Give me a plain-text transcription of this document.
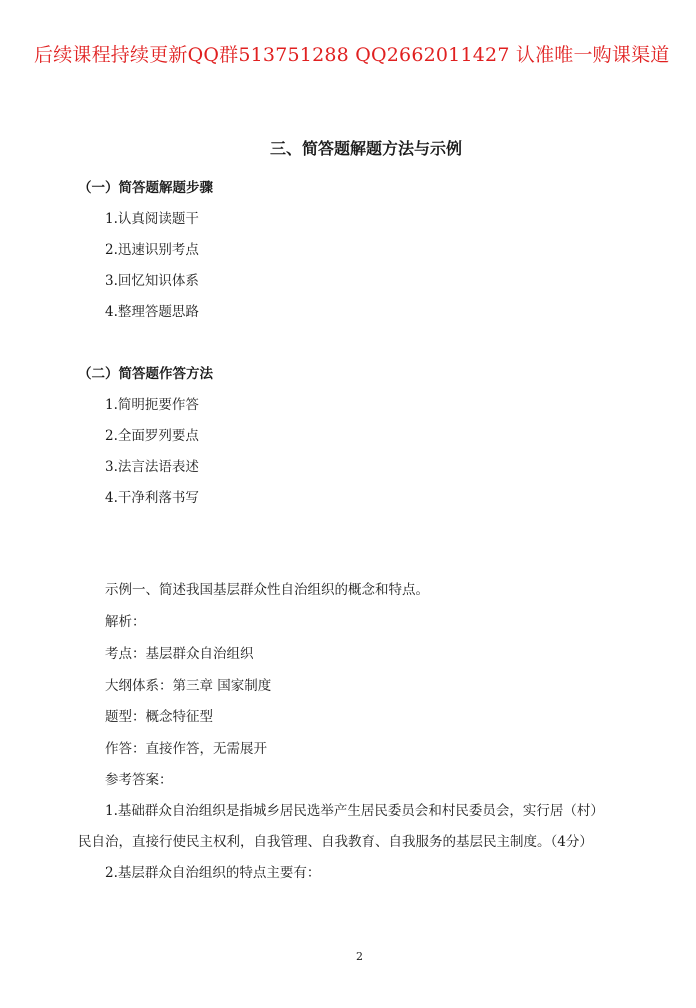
后续课程持续更新QQ群513751288 QQ2662011427 认准唯一购课渠道
三、简答题解题方法与示例
（一）简答题解题步骤
1.认真阅读题干
2.迅速识别考点
3.回忆知识体系
4.整理答题思路
（二）简答题作答方法
1.简明扼要作答
2.全面罗列要点
3.法言法语表述
4.干净利落书写
示例一、简述我国基层群众性自治组织的概念和特点。
解析：
考点：基层群众自治组织
大纲体系：第三章 国家制度
题型：概念特征型
作答：直接作答，无需展开
参考答案：
1.基础群众自治组织是指城乡居民选举产生居民委员会和村民委员会，实行居（村）
民自治，直接行使民主权利，自我管理、自我教育、自我服务的基层民主制度。（4分）
2.基层群众自治组织的特点主要有：
2
